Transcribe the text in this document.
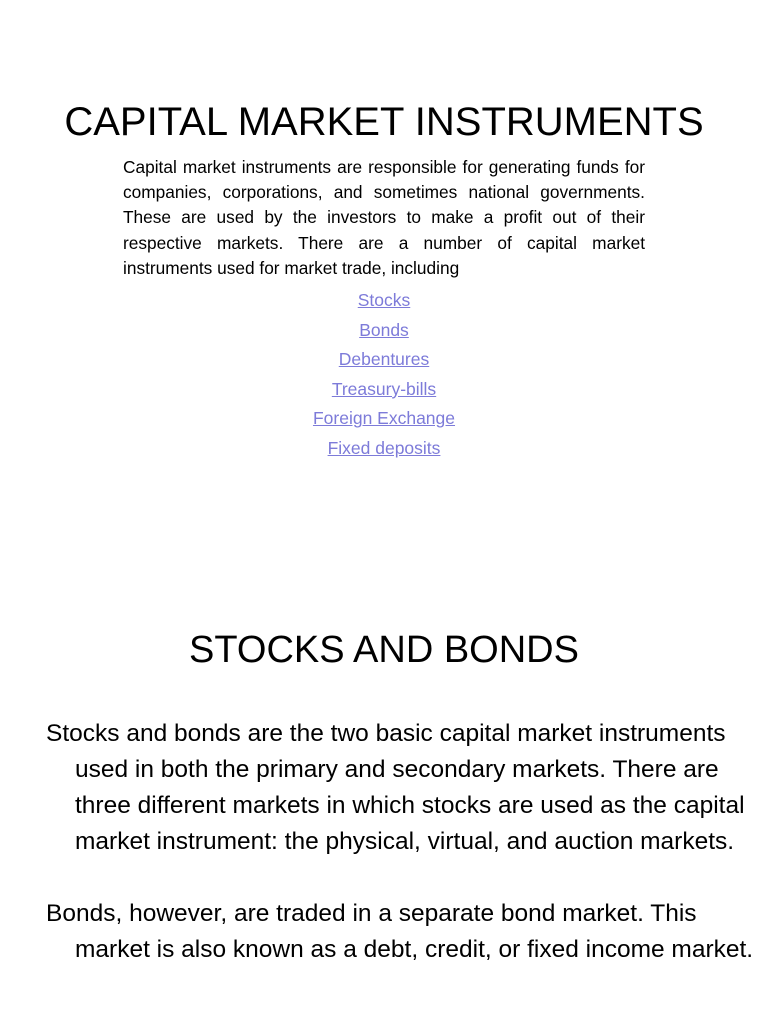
CAPITAL MARKET INSTRUMENTS

Capital market instruments are responsible for generating funds for companies, corporations, and sometimes national governments. These are used by the investors to make a profit out of their respective markets. There are a number of capital market instruments used for market trade, including

Stocks
Bonds
Debentures
Treasury-bills
Foreign Exchange
Fixed deposits
STOCKS AND BONDS

Stocks and bonds are the two basic capital market instruments used in both the primary and secondary markets. There are three different markets in which stocks are used as the capital market instrument: the physical, virtual, and auction markets.

Bonds, however, are traded in a separate bond market. This market is also known as a debt, credit, or fixed income market.
